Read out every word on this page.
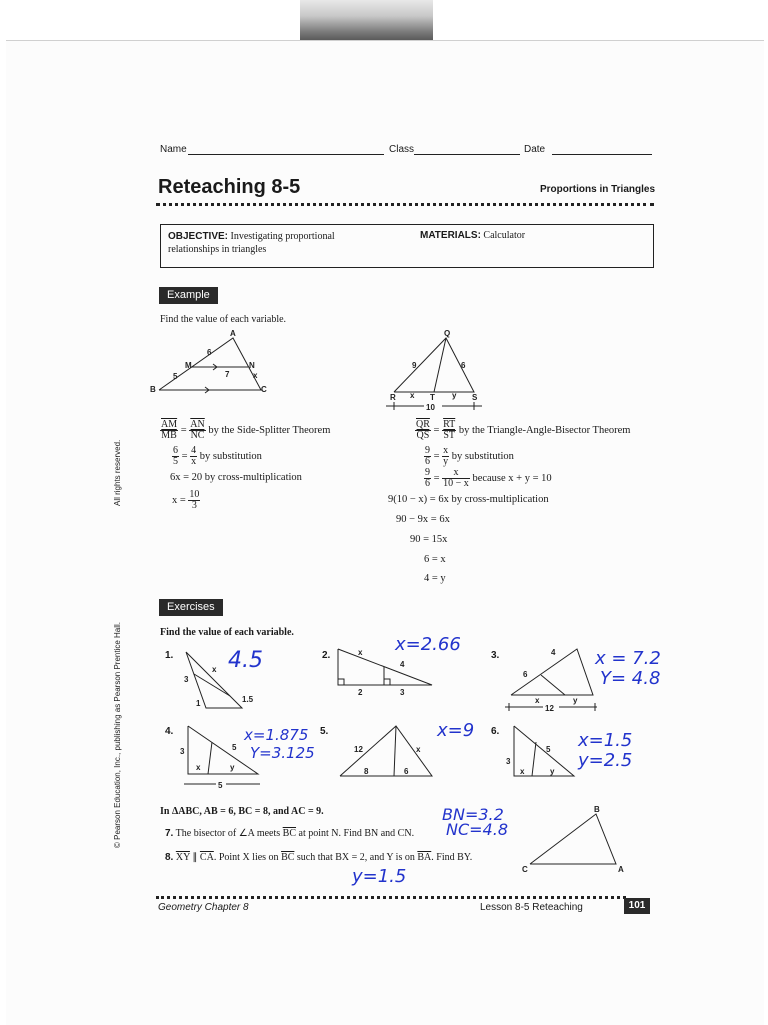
All rights reserved.
© Pearson Education, Inc., publishing as Pearson Prentice Hall.
Name	Class	Date
Reteaching 8-5	Proportions in Triangles
OBJECTIVE: Investigating proportional
relationships in triangles
MATERIALS: Calculator
Example
Find the value of each variable.
A
M	N
B	C
6
x
5	7
Q
R	T	S
9	6
x	y
10
$\frac{\overline{AM}}{MB} = \frac{\overline{AN}}{NC}$ by the Side-Splitter Theorem
$\frac{6}{5} = \frac{4}{x}$ by substitution
6x = 20 by cross-multiplication
$x = \frac{10}{3}$
$\frac{\overline{QR}}{QS} = \frac{\overline{RT}}{ST}$ by the Triangle-Angle-Bisector Theorem
$\frac{9}{6} = \frac{x}{y}$ by substitution
$\frac{9}{6} = \frac{x}{10 - x}$ because x + y = 10
9(10 − x) = 6x by cross-multiplication
90 − 9x = 6x
90 = 15x
6 = x
4 = y
Exercises
Find the value of each variable.
1.
x
3
1	1.5
4.5	2.	x
4
2	3
x=2.66
3.	4
6
x	y
12
x = 7.2
Y= 4.8
4.
3	5
x	y
5
x=1.875
Y=3.125
5.
12	x
8	6
x=9 6.
3
5
x	y
x=1.5
y=2.5
In ΔABC, AB = 6, BC = 8, and AC = 9.
7. The bisector of ∠A meets $\overline{BC}$ at point N. Find BN and CN.
8. $\overline{XY}$ ∥ $\overline{CA}$. Point X lies on $\overline{BC}$ such that BX = 2, and Y is on $\overline{BA}$. Find BY.
B
C	A
BN=3.2
NC=4.8
y=1.5
Geometry Chapter 8	Lesson 8-5 Reteaching	101
